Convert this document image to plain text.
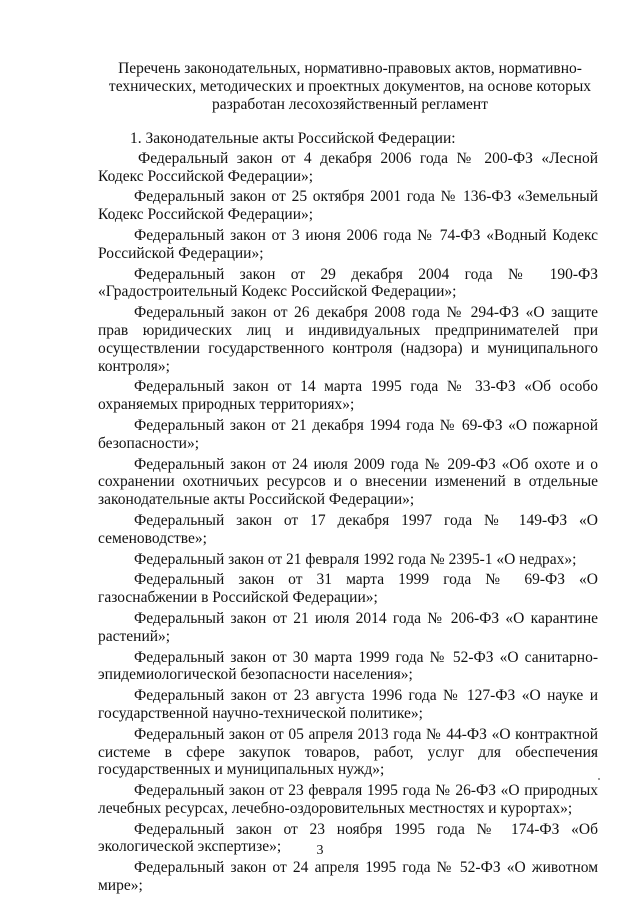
Перечень законодательных, нормативно-правовых актов, нормативно-
технических, методических и проектных документов, на основе которых
разработан лесохозяйственный регламент
1. Законодательные акты Российской Федерации:

Федеральный закон от 4 декабря 2006 года № 200-ФЗ «Лесной Кодекс Российской Федерации»;

Федеральный закон от 25 октября 2001 года № 136-ФЗ «Земельный Кодекс Российской Федерации»;

Федеральный закон от 3 июня 2006 года № 74-ФЗ «Водный Кодекс Российской Федерации»;

Федеральный закон от 29 декабря 2004 года № 190-ФЗ «Градостроительный Кодекс Российской Федерации»;

Федеральный закон от 26 декабря 2008 года № 294-ФЗ «О защите прав юридических лиц и индивидуальных предпринимателей при осуществлении государственного контроля (надзора) и муниципального контроля»;

Федеральный закон от 14 марта 1995 года № 33-ФЗ «Об особо охраняемых природных территориях»;

Федеральный закон от 21 декабря 1994 года № 69-ФЗ «О пожарной безопасности»;

Федеральный закон от 24 июля 2009 года № 209-ФЗ «Об охоте и о сохранении охотничьих ресурсов и о внесении изменений в отдельные законодательные акты Российской Федерации»;

Федеральный закон от 17 декабря 1997 года № 149-ФЗ «О семеноводстве»;

Федеральный закон от 21 февраля 1992 года № 2395-1 «О недрах»;

Федеральный закон от 31 марта 1999 года № 69-ФЗ «О газоснабжении в Российской Федерации»;

Федеральный закон от 21 июля 2014 года № 206-ФЗ «О карантине растений»;

Федеральный закон от 30 марта 1999 года № 52-ФЗ «О санитарно-эпидемиологической безопасности населения»;

Федеральный закон от 23 августа 1996 года № 127-ФЗ «О науке и государственной научно-технической политике»;

Федеральный закон от 05 апреля 2013 года № 44-ФЗ «О контрактной системе в сфере закупок товаров, работ, услуг для обеспечения государственных и муниципальных нужд»;

Федеральный закон от 23 февраля 1995 года № 26-ФЗ «О природных лечебных ресурсах, лечебно-оздоровительных местностях и курортах»;

Федеральный закон от 23 ноября 1995 года № 174-ФЗ «Об экологической экспертизе»;

Федеральный закон от 24 апреля 1995 года № 52-ФЗ «О животном мире»;

3
